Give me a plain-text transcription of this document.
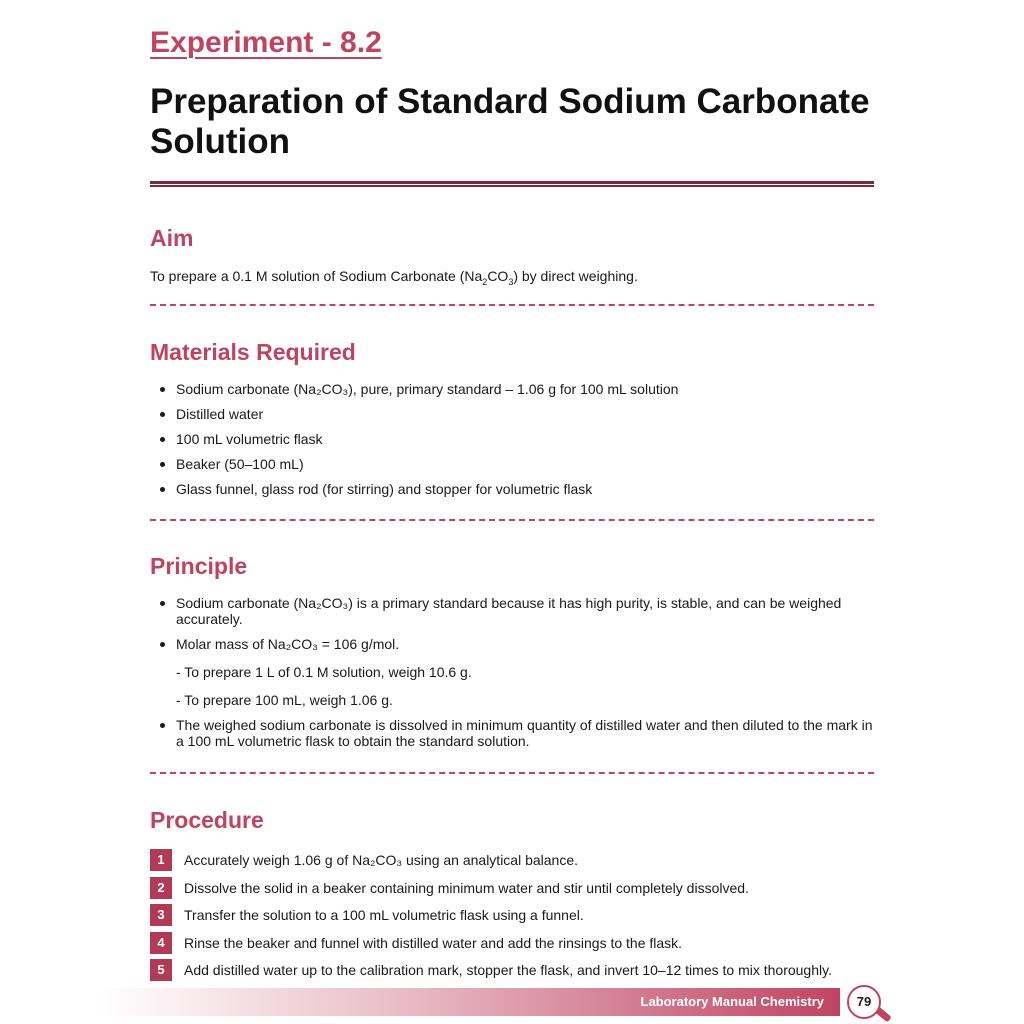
Experiment - 8.2
Preparation of Standard Sodium Carbonate Solution
Aim

To prepare a 0.1 M solution of Sodium Carbonate $(Na_2CO_3)$ by direct weighing.

Materials Required
Sodium carbonate (Na₂CO₃), pure, primary standard – 1.06 g for 100 mL solution
Distilled water
100 mL volumetric flask
Beaker (50–100 mL)
Glass funnel, glass rod (for stirring) and stopper for volumetric flask
Principle
Sodium carbonate (Na₂CO₃) is a primary standard because it has high purity, is stable, and can be weighed accurately.
Molar mass of Na₂CO₃ = 106 g/mol.
- To prepare 1 L of 0.1 M solution, weigh 10.6 g.
- To prepare 100 mL, weigh 1.06 g.
The weighed sodium carbonate is dissolved in minimum quantity of distilled water and then diluted to the mark in a 100 mL volumetric flask to obtain the standard solution.
Procedure
1	Accurately weigh 1.06 g of Na₂CO₃ using an analytical balance.
2	Dissolve the solid in a beaker containing minimum water and stir until completely dissolved.
3	Transfer the solution to a 100 mL volumetric flask using a funnel.
4	Rinse the beaker and funnel with distilled water and add the rinsings to the flask.
5	Add distilled water up to the calibration mark, stopper the flask, and invert 10–12 times to mix thoroughly.
Laboratory Manual Chemistry	79
